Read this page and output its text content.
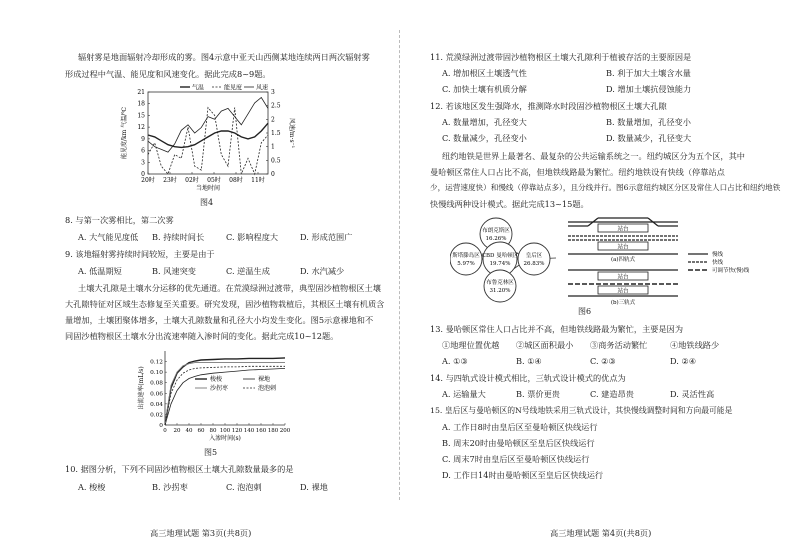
辐射雾是地面辐射冷却形成的雾。图4示意中亚天山西侧某地连续两日两次辐射雾
形成过程中气温、能见度和风速变化。据此完成8~9题。
气温	能见度 风速
0
3
6
9
12
15
18
21
0
0.5
1
1.5
2
2.5
3
20时 23时 02时 05时 08时 11时
当地时间
能见度/km 气温/℃	风速/m·s⁻¹
图4
8. 与第一次雾相比，第二次雾
A. 大气能见度低 B. 持续时间长	C. 影响程度大	D. 形成范围广
9. 该地辐射雾持续时间较短，主要是由于
A. 低温期短	B. 风速突变	C. 逆温生成	D. 水汽减少
土壤大孔隙是土壤水分运移的优先通道。在荒漠绿洲过渡带，典型固沙植物根区土壤
大孔隙特征对区域生态修复至关重要。研究发现，固沙植物栽植后，其根区土壤有机质含
量增加，土壤团聚体增多，土壤大孔隙数量和孔径大小均发生变化。图5示意裸地和不
同固沙植物根区土壤水分出流速率随入渗时间的变化。据此完成10~12题。
0
0.02
0.04
0.06
0.08
0.10
0.12
0 20 40 60 80 100 120 140 160 180 200
入渗时间(s)
出流速率(mL/s)	梭梭	裸地
沙拐枣	泡泡刺
图5
10. 据图分析，下列不同固沙植物根区土壤大孔隙数量最多的是
A. 梭梭	B. 沙拐枣	C. 泡泡刺	D. 裸地
高三地理试题 第3页(共8页)
11. 荒漠绿洲过渡带固沙植物根区土壤大孔隙利于植被存活的主要原因是
A. 增加根区土壤透气性	B. 利于加大土壤含水量
C. 加快土壤有机质分解	D. 增加土壤抗侵蚀能力
12. 若该地区发生强降水，推测降水时段固沙植物根区土壤大孔隙
A. 数量增加，孔径变大	B. 数量增加，孔径变小
C. 数量减少，孔径变小	D. 数量减少，孔径变大
纽约地铁是世界上最著名、最复杂的公共运输系统之一。纽约城区分为五个区，其中
曼哈顿区常住人口占比不高，但地铁线路最为繁忙。纽约地铁设有快线（停靠站点
少，运营速度快）和慢线（停靠站点多），且分线并行。图6示意纽约城区分区及常住人口占比和纽约地铁
快慢线两种设计模式。据此完成13~15题。
布朗克斯区
16.26%
斯塔滕岛区
5.97%
CBD 曼哈顿区
19.74%
皇后区
26.83%
布鲁克林区
31.20%
站台
站台
(a)四轨式
站台
站台
(b)三轨式
慢线
快线
可调节快(慢)线
图6
13. 曼哈顿区常住人口占比并不高，但地铁线路最为繁忙，主要是因为
①地理位置优越 ②城区面积最小 ③商务活动繁忙	④地铁线路少
A. ①③	B. ①④	C. ②③	D. ②④
14. 与四轨式设计模式相比，三轨式设计模式的优点为
A. 运输量大	B. 票价更贵	C. 建造昂贵	D. 灵活性高
15. 皇后区与曼哈顿区的N号线地铁采用三轨式设计，其快慢线调整时间和方向最可能是
A. 工作日8时由皇后区至曼哈顿区快线运行
B. 周末20时由曼哈顿区至皇后区快线运行
C. 周末7时由皇后区至曼哈顿区快线运行
D. 工作日14时由曼哈顿区至皇后区快线运行
高三地理试题 第4页(共8页)
